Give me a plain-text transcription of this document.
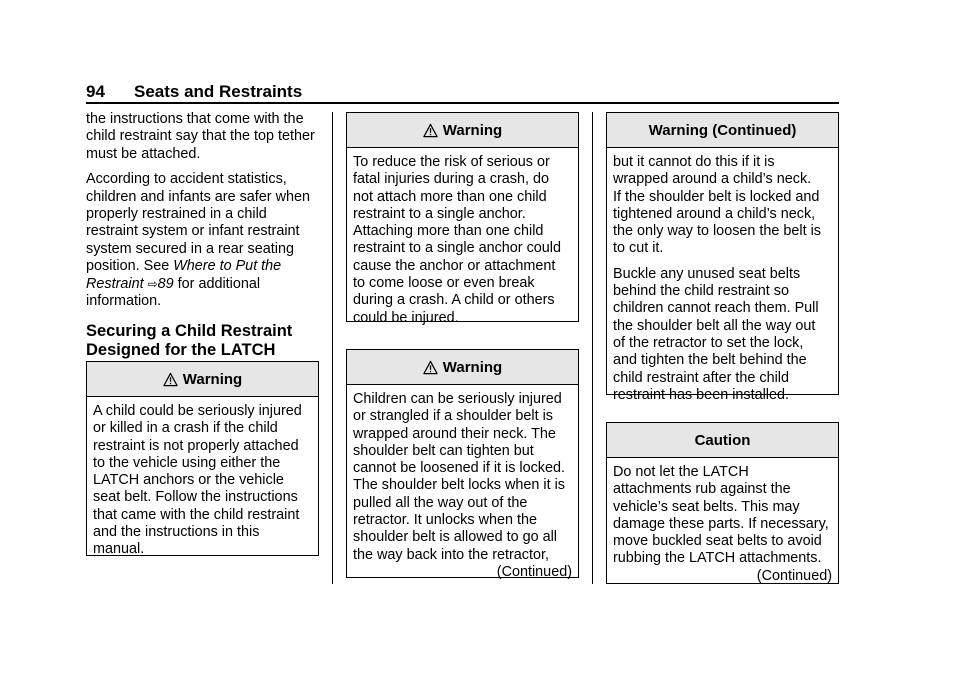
94 Seats and Restraints

the instructions that come with the
child restraint say that the top tether
must be attached.

According to accident statistics,
children and infants are safer when
properly restrained in a child
restraint system or infant restraint
system secured in a rear seating
position. See Where to Put the
Restraint ⇨89 for additional
information.

Securing a Child Restraint
Designed for the LATCH
Warning
A child could be seriously injured
or killed in a crash if the child
restraint is not properly attached
to the vehicle using either the
LATCH anchors or the vehicle
seat belt. Follow the instructions
that came with the child restraint
and the instructions in this
manual.
Warning
To reduce the risk of serious or
fatal injuries during a crash, do
not attach more than one child
restraint to a single anchor.
Attaching more than one child
restraint to a single anchor could
cause the anchor or attachment
to come loose or even break
during a crash. A child or others
could be injured.
Warning
Children can be seriously injured
or strangled if a shoulder belt is
wrapped around their neck. The
shoulder belt can tighten but
cannot be loosened if it is locked.
The shoulder belt locks when it is
pulled all the way out of the
retractor. It unlocks when the
shoulder belt is allowed to go all
the way back into the retractor,
(Continued)
Warning (Continued)

but it cannot do this if it is
wrapped around a child’s neck.
If the shoulder belt is locked and
tightened around a child’s neck,
the only way to loosen the belt is
to cut it.

Buckle any unused seat belts
behind the child restraint so
children cannot reach them. Pull
the shoulder belt all the way out
of the retractor to set the lock,
and tighten the belt behind the
child restraint after the child
restraint has been installed.

Caution
Do not let the LATCH
attachments rub against the
vehicle’s seat belts. This may
damage these parts. If necessary,
move buckled seat belts to avoid
rubbing the LATCH attachments.
(Continued)
